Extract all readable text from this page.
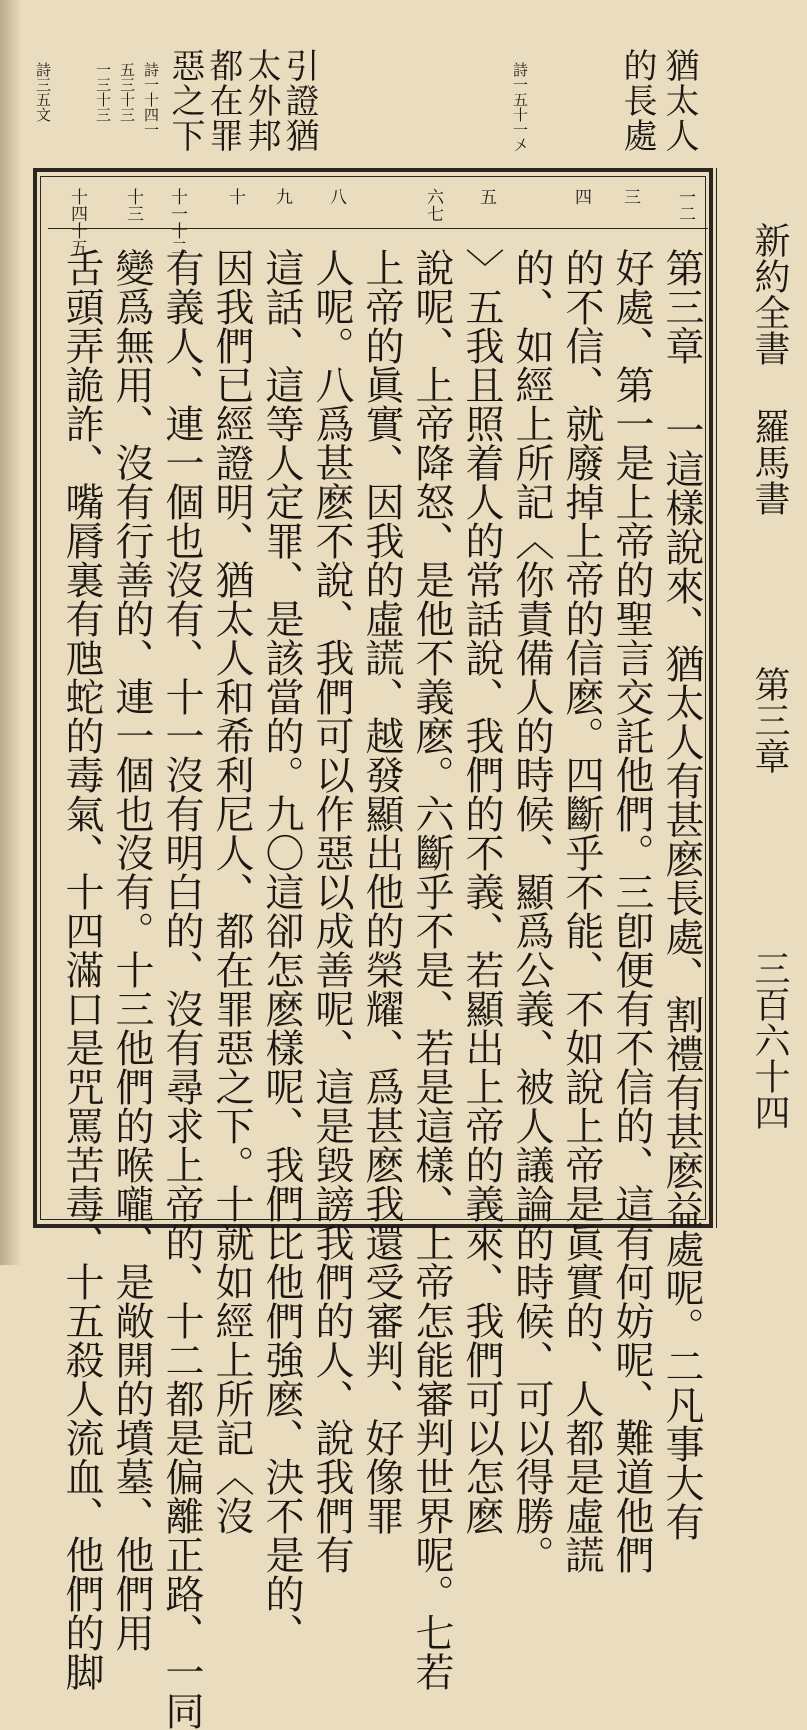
猶太人
的長處
詩一五十一〤
引證猶
太外邦
都在罪
惡之下
詩一十四一
五三十三
一三十三
詩三五文
新約全書
羅馬書
第三章
三百六十四
一二
三
四
五
六七
八
九
十
十一十二
十三
十四十五
第三章 一這樣說來、猶太人有甚麽長處、割禮有甚麽益處呢。二凡事大有
好處、第一是上帝的聖言交託他們。三卽便有不信的、這有何妨呢、難道他們
的不信、就廢掉上帝的信麽。四斷乎不能、不如說上帝是眞實的、人都是虛謊
的、如經上所記〈你責備人的時候、顯爲公義、被人議論的時候、可以得勝。
〉五我且照着人的常話說、我們的不義、若顯出上帝的義來、我們可以怎麽
說呢、上帝降怒、是他不義麽。六斷乎不是、若是這樣、上帝怎能審判世界呢。七若
上帝的眞實、因我的虛謊、越發顯出他的榮耀、爲甚麽我還受審判、好像罪
人呢。八爲甚麽不說、我們可以作惡以成善呢、這是毀謗我們的人、說我們有
這話、這等人定罪、是該當的。九〇這卻怎麽樣呢、我們比他們強麽、決不是的、
因我們已經證明、猶太人和希利尼人、都在罪惡之下。十就如經上所記〈沒
有義人、連一個也沒有、十一沒有明白的、沒有尋求上帝的、十二都是偏離正路、一同
變爲無用、沒有行善的、連一個也沒有。十三他們的喉嚨、是敞開的墳墓、他們用
舌頭弄詭詐、嘴脣裏有虺蛇的毒氣、十四滿口是咒罵苦毒、十五殺人流血、他們的脚
